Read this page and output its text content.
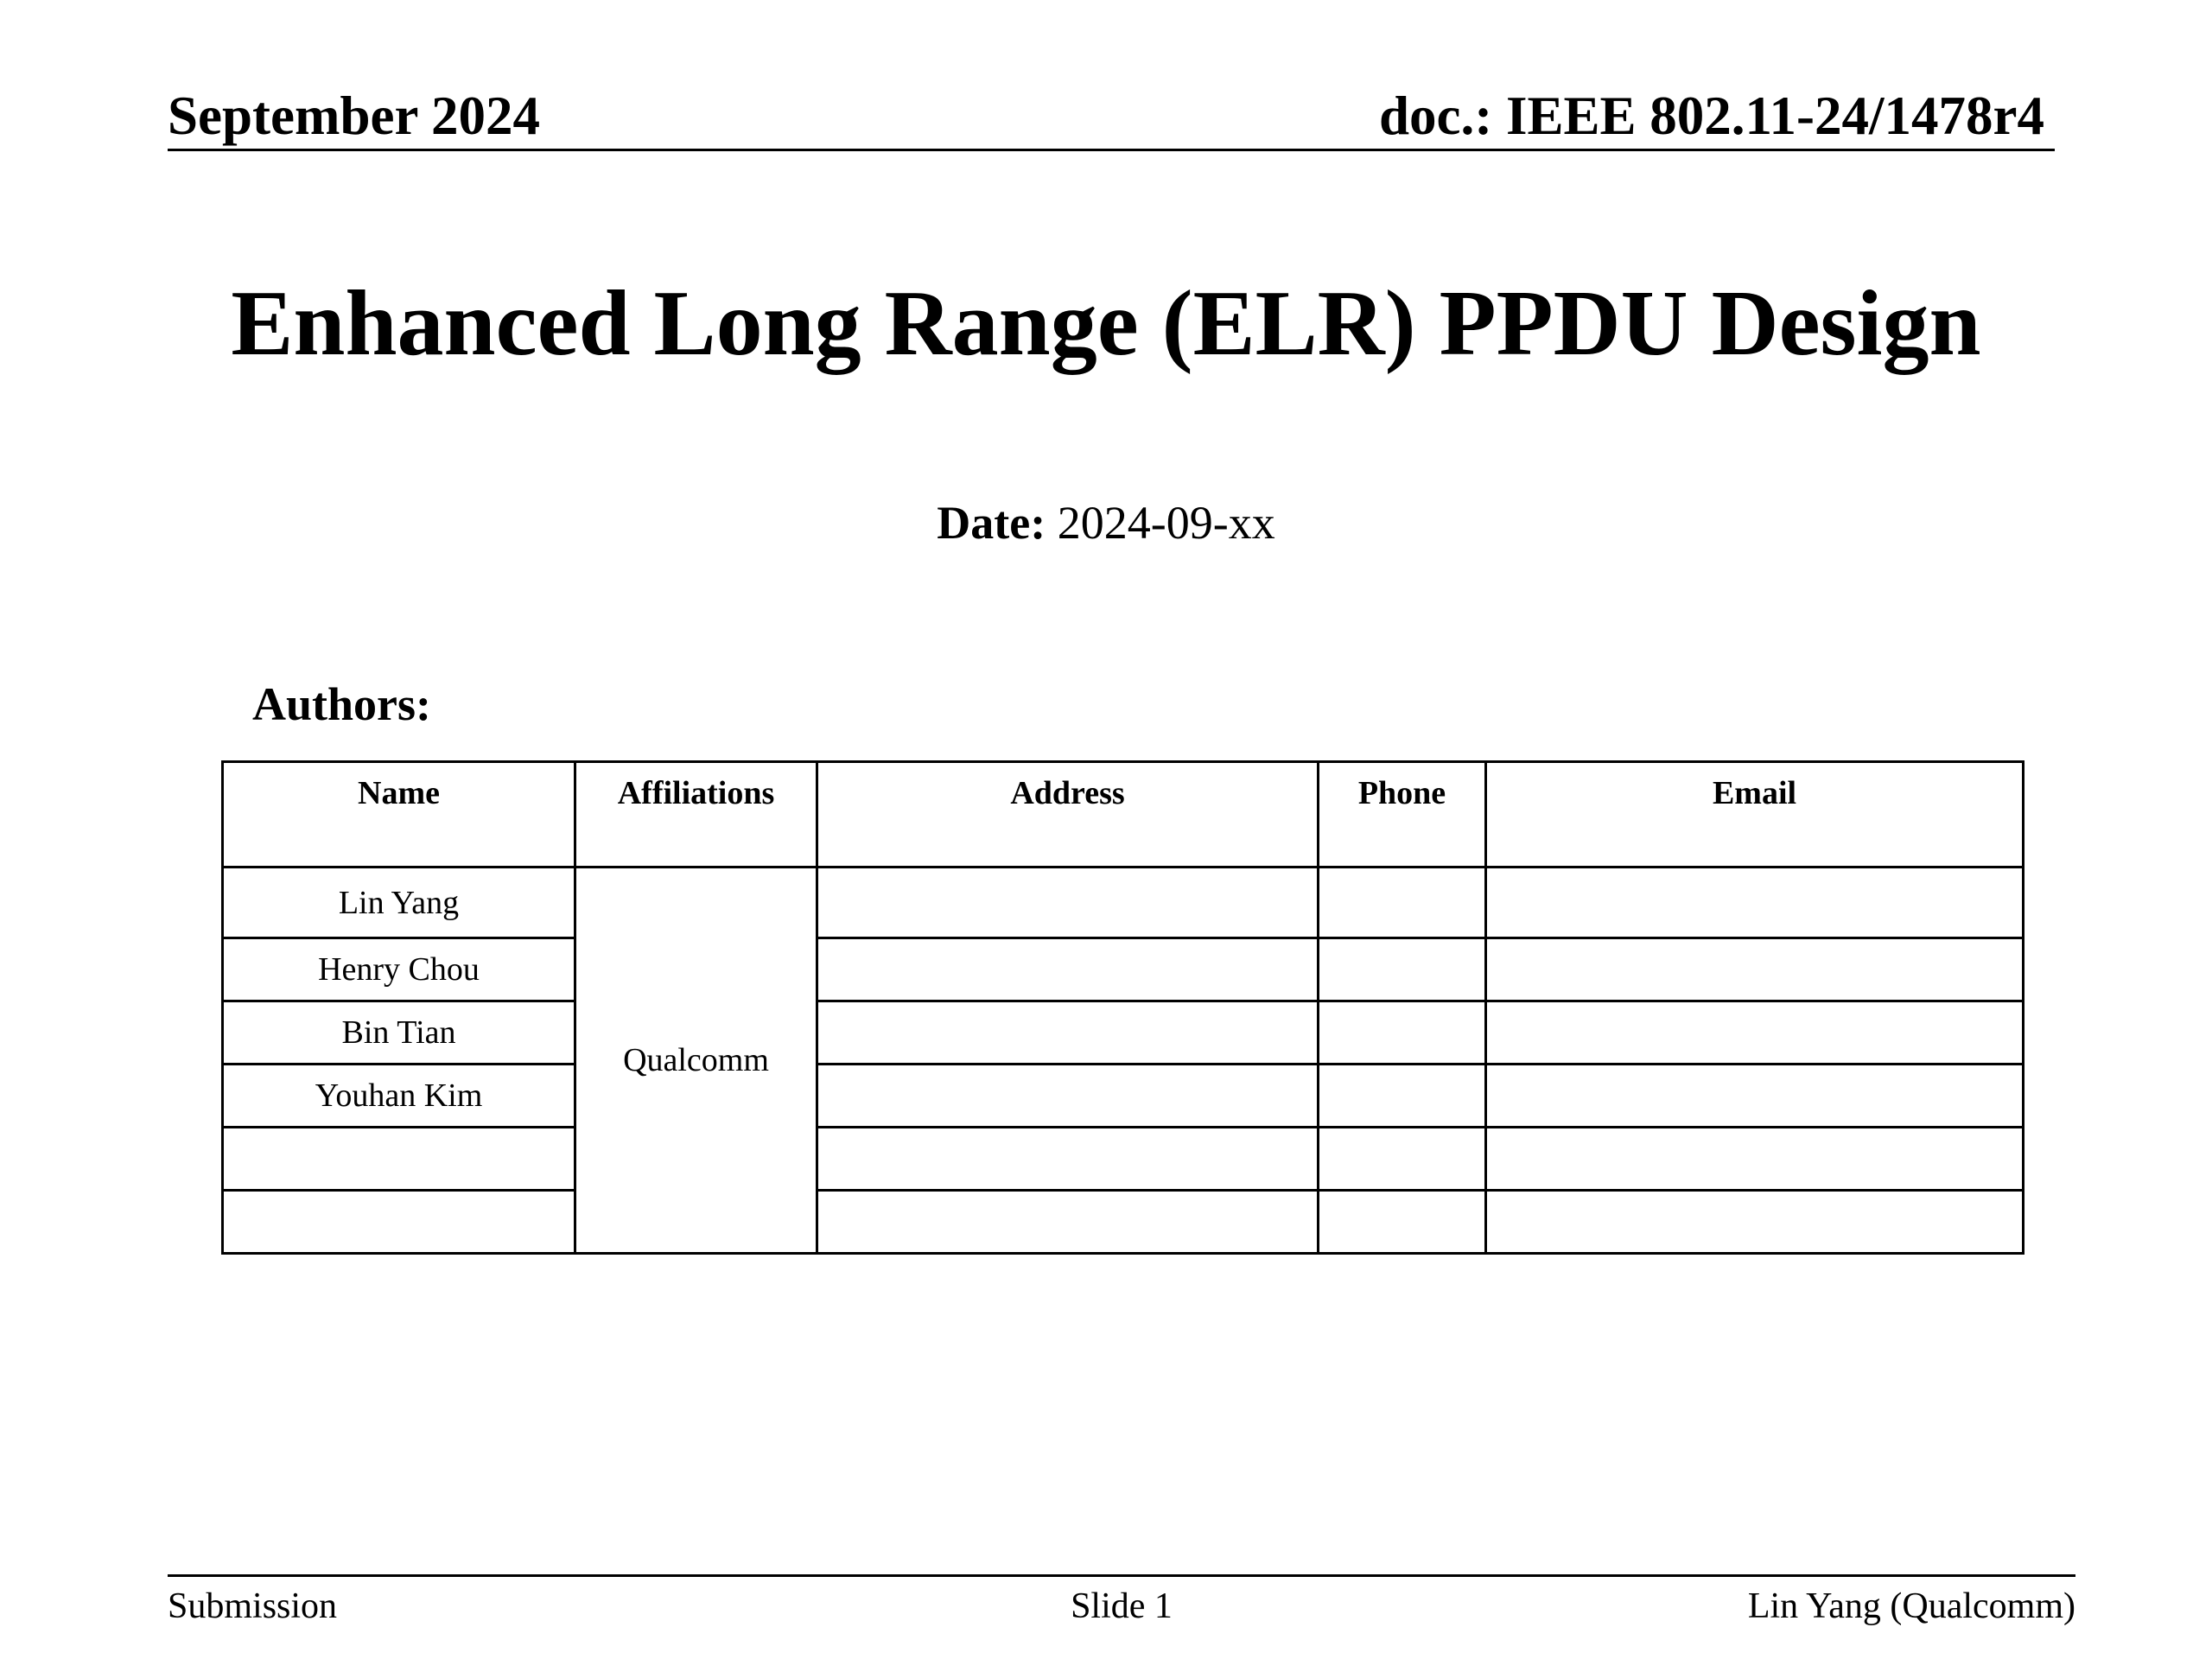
September 2024	doc.: IEEE 802.11-24/1478r4
Enhanced Long Range (ELR) PPDU Design
Date: 2024-09-xx
Authors:
Name	Affiliations	Address	Phone	Email
Lin Yang	Qualcomm			
Henry Chou				
Bin Tian				
Youhan Kim				

Submission	Slide 1	Lin Yang (Qualcomm)
